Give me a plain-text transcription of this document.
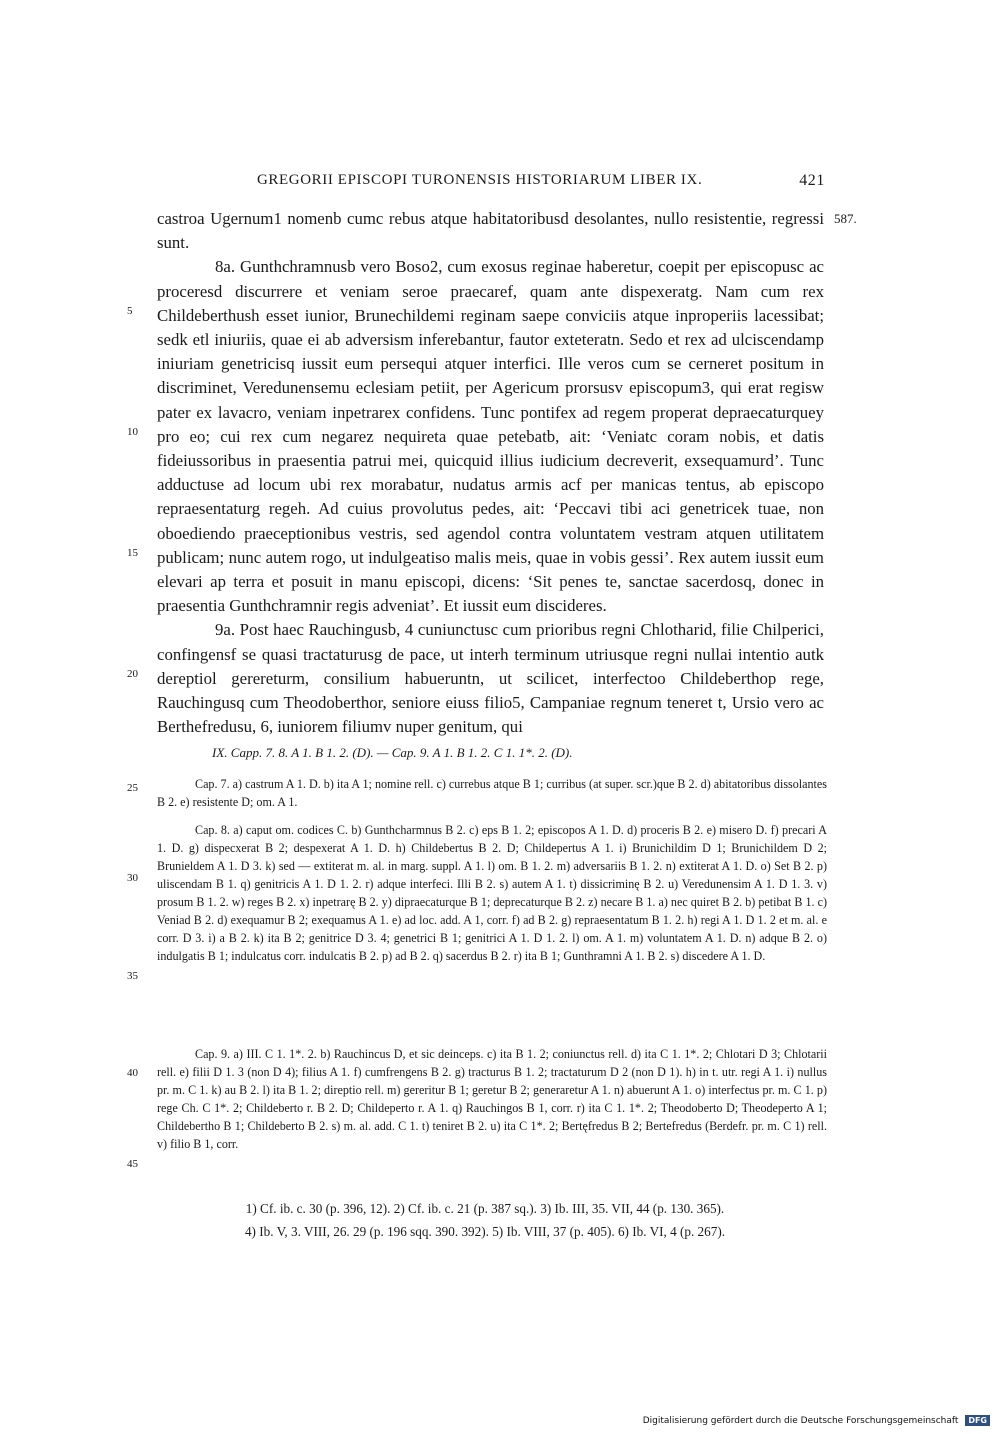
GREGORII EPISCOPI TURONENSIS HISTORIARUM LIBER IX.	421
587.
5
10
15
20
25
30
35
40
45

castroa Ugernum1 nomenb cumc rebus atque habitatoribusd desolantes, nullo resistentie, regressi sunt.

8a. Gunthchramnusb vero Boso2, cum exosus reginae haberetur, coepit per episcopusc ac proceresd discurrere et veniam seroe praecaref, quam ante dispexeratg. Nam cum rex Childeberthush esset iunior, Brunechildemi reginam saepe conviciis atque inproperiis lacessibat; sedk etl iniuriis, quae ei ab adversism inferebantur, fautor exteteratn. Sedo et rex ad ulciscendamp iniuriam genetricisq iussit eum persequi atquer interfici. Ille veros cum se cerneret positum in discriminet, Veredunensemu eclesiam petiit, per Agericum prorsusv episcopum3, qui erat regisw pater ex lavacro, veniam inpetrarex confidens. Tunc pontifex ad regem properat depraecaturquey pro eo; cui rex cum negarez nequireta quae petebatb, ait: ‘Veniatc coram nobis, et datis fideiussoribus in praesentia patrui mei, quicquid illius iudicium decreverit, exsequamurd’. Tunc adductuse ad locum ubi rex morabatur, nudatus armis acf per manicas tentus, ab episcopo repraesentaturg regeh. Ad cuius provolutus pedes, ait: ‘Peccavi tibi aci genetricek tuae, non oboediendo praeceptionibus vestris, sed agendol contra voluntatem vestram atquen utilitatem publicam; nunc autem rogo, ut indulgeatiso malis meis, quae in vobis gessi’. Rex autem iussit eum elevari ap terra et posuit in manu episcopi, dicens: ‘Sit penes te, sanctae sacerdosq, donec in praesentia Gunthchramnir regis adveniat’. Et iussit eum discideres.

9a. Post haec Rauchingusb, 4 cuniunctusc cum prioribus regni Chlotharid, filie Chilperici, confingensf se quasi tractaturusg de pace, ut interh terminum utriusque regni nullai intentio autk dereptiol gerereturm, consilium habueruntn, ut scilicet, interfectoo Childeberthop rege, Rauchingusq cum Theodoberthor, seniore eiuss filio5, Campaniae regnum teneret t, Ursio vero ac Berthefredusu, 6, iuniorem filiumv nuper genitum, qui

IX. Capp. 7. 8. A 1. B 1. 2. (D). — Cap. 9. A 1. B 1. 2. C 1. 1*. 2. (D).

Cap. 7. a) castrum A 1. D. b) ita A 1; nomine rell. c) currebus atque B 1; curribus (at super. scr.)que B 2. d) abitatoribus dissolantes B 2. e) resistente D; om. A 1.

Cap. 8. a) caput om. codices C. b) Gunthcharmnus B 2. c) eps B 1. 2; episcopos A 1. D. d) proceris B 2. e) misero D. f) precari A 1. D. g) dispecxerat B 2; despexerat A 1. D. h) Childebertus B 2. D; Childepertus A 1. i) Brunichildim D 1; Brunichildem D 2; Brunieldem A 1. D 3. k) sed — extiterat m. al. in marg. suppl. A 1. l) om. B 1. 2. m) adversariis B 1. 2. n) extiterat A 1. D. o) Set B 2. p) uliscendam B 1. q) genitricis A 1. D 1. 2. r) adque interfeci. Illi B 2. s) autem A 1. t) dissicriminę B 2. u) Veredunensim A 1. D 1. 3. v) prosum B 1. 2. w) reges B 2. x) inpetrarę B 2. y) dipraecaturque B 1; deprecaturque B 2. z) necare B 1. a) nec quiret B 2. b) petibat B 1. c) Veniad B 2. d) exequamur B 2; exequamus A 1. e) ad loc. add. A 1, corr. f) ad B 2. g) repraesentatum B 1. 2. h) regi A 1. D 1. 2 et m. al. e corr. D 3. i) a B 2. k) ita B 2; genitrice D 3. 4; genetrici B 1; genitrici A 1. D 1. 2. l) om. A 1. m) voluntatem A 1. D. n) adque B 2. o) indulgatis B 1; indulcatus corr. indulcatis B 2. p) ad B 2. q) sacerdus B 2. r) ita B 1; Gunthramni A 1. B 2. s) discedere A 1. D.

Cap. 9. a) III. C 1. 1*. 2. b) Rauchincus D, et sic deinceps. c) ita B 1. 2; coniunctus rell. d) ita C 1. 1*. 2; Chlotari D 3; Chlotarii rell. e) filii D 1. 3 (non D 4); filius A 1. f) cumfrengens B 2. g) tracturus B 1. 2; tractaturum D 2 (non D 1). h) in t. utr. regi A 1. i) nullus pr. m. C 1. k) au B 2. l) ita B 1. 2; direptio rell. m) gereritur B 1; geretur B 2; generaretur A 1. n) abuerunt A 1. o) interfectus pr. m. C 1. p) rege Ch. C 1*. 2; Childeberto r. B 2. D; Childeperto r. A 1. q) Rauchingos B 1, corr. r) ita C 1. 1*. 2; Theodoberto D; Theodeperto A 1; Childebertho B 1; Childeberto B 2. s) m. al. add. C 1. t) teniret B 2. u) ita C 1*. 2; Bertęfredus B 2; Bertefredus (Berdefr. pr. m. C 1) rell. v) filio B 1, corr.

1) Cf. ib. c. 30 (p. 396, 12). 2) Cf. ib. c. 21 (p. 387 sq.). 3) Ib. III, 35. VII, 44 (p. 130. 365).

4) Ib. V, 3. VIII, 26. 29 (p. 196 sqq. 390. 392). 5) Ib. VIII, 37 (p. 405). 6) Ib. VI, 4 (p. 267).

Digitalisierung gefördert durch die Deutsche Forschungsgemeinschaft DFG
